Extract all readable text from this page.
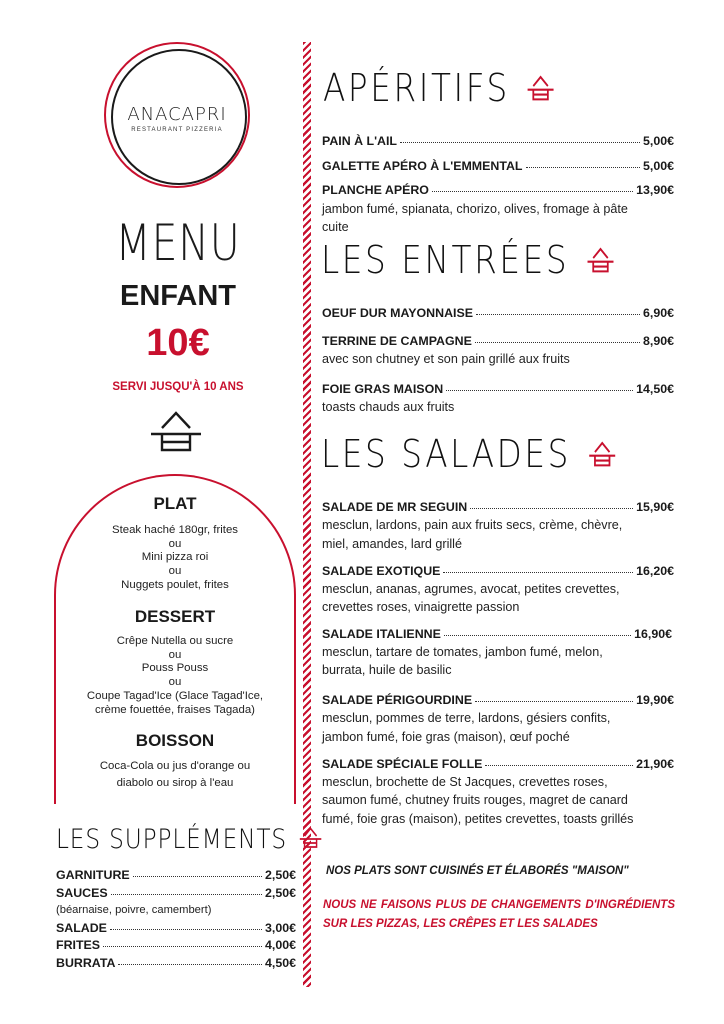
ANACAPRI
RESTAURANT PIZZERIA
MENU
ENFANT
10€
SERVI JUSQU'À 10 ANS
PLAT
Steak haché 180gr, frites
ou
Mini pizza roi
ou
Nuggets poulet, frites
DESSERT
Crêpe Nutella ou sucre
ou
Pouss Pouss
ou
Coupe Tagad'Ice (Glace Tagad'Ice,
crème fouettée, fraises Tagada)
BOISSON
Coca-Cola ou jus d'orange ou
diabolo ou sirop à l'eau
LES SUPPLÉMENTS
GARNITURE	2,50€
SAUCES	2,50€
(béarnaise, poivre, camembert)
SALADE	3,00€
FRITES	4,00€
BURRATA	4,50€
APÉRITIFS
PAIN À L'AIL	5,00€
GALETTE APÉRO À L'EMMENTAL	5,00€
PLANCHE APÉRO	13,90€
jambon fumé, spianata, chorizo, olives, fromage à pâte
cuite
LES ENTRÉES
OEUF DUR MAYONNAISE	6,90€
TERRINE DE CAMPAGNE	8,90€
avec son chutney et son pain grillé aux fruits
FOIE GRAS MAISON	14,50€
toasts chauds aux fruits
LES SALADES
SALADE DE MR SEGUIN	15,90€
mesclun, lardons, pain aux fruits secs, crème, chèvre,
miel, amandes, lard grillé
SALADE EXOTIQUE	16,20€
mesclun, ananas, agrumes, avocat, petites crevettes,
crevettes roses, vinaigrette passion
SALADE ITALIENNE	16,90€
mesclun, tartare de tomates, jambon fumé, melon,
burrata, huile de basilic
SALADE PÉRIGOURDINE	19,90€
mesclun, pommes de terre, lardons, gésiers confits,
jambon fumé, foie gras (maison), œuf poché
SALADE SPÉCIALE FOLLE	21,90€
mesclun, brochette de St Jacques, crevettes roses,
saumon fumé, chutney fruits rouges, magret de canard
fumé, foie gras (maison), petites crevettes, toasts grillés
NOS PLATS SONT CUISINÉS ET ÉLABORÉS "MAISON"
NOUS NE FAISONS PLUS DE CHANGEMENTS D'INGRÉDIENTS SUR LES PIZZAS, LES CRÊPES ET LES SALADES
